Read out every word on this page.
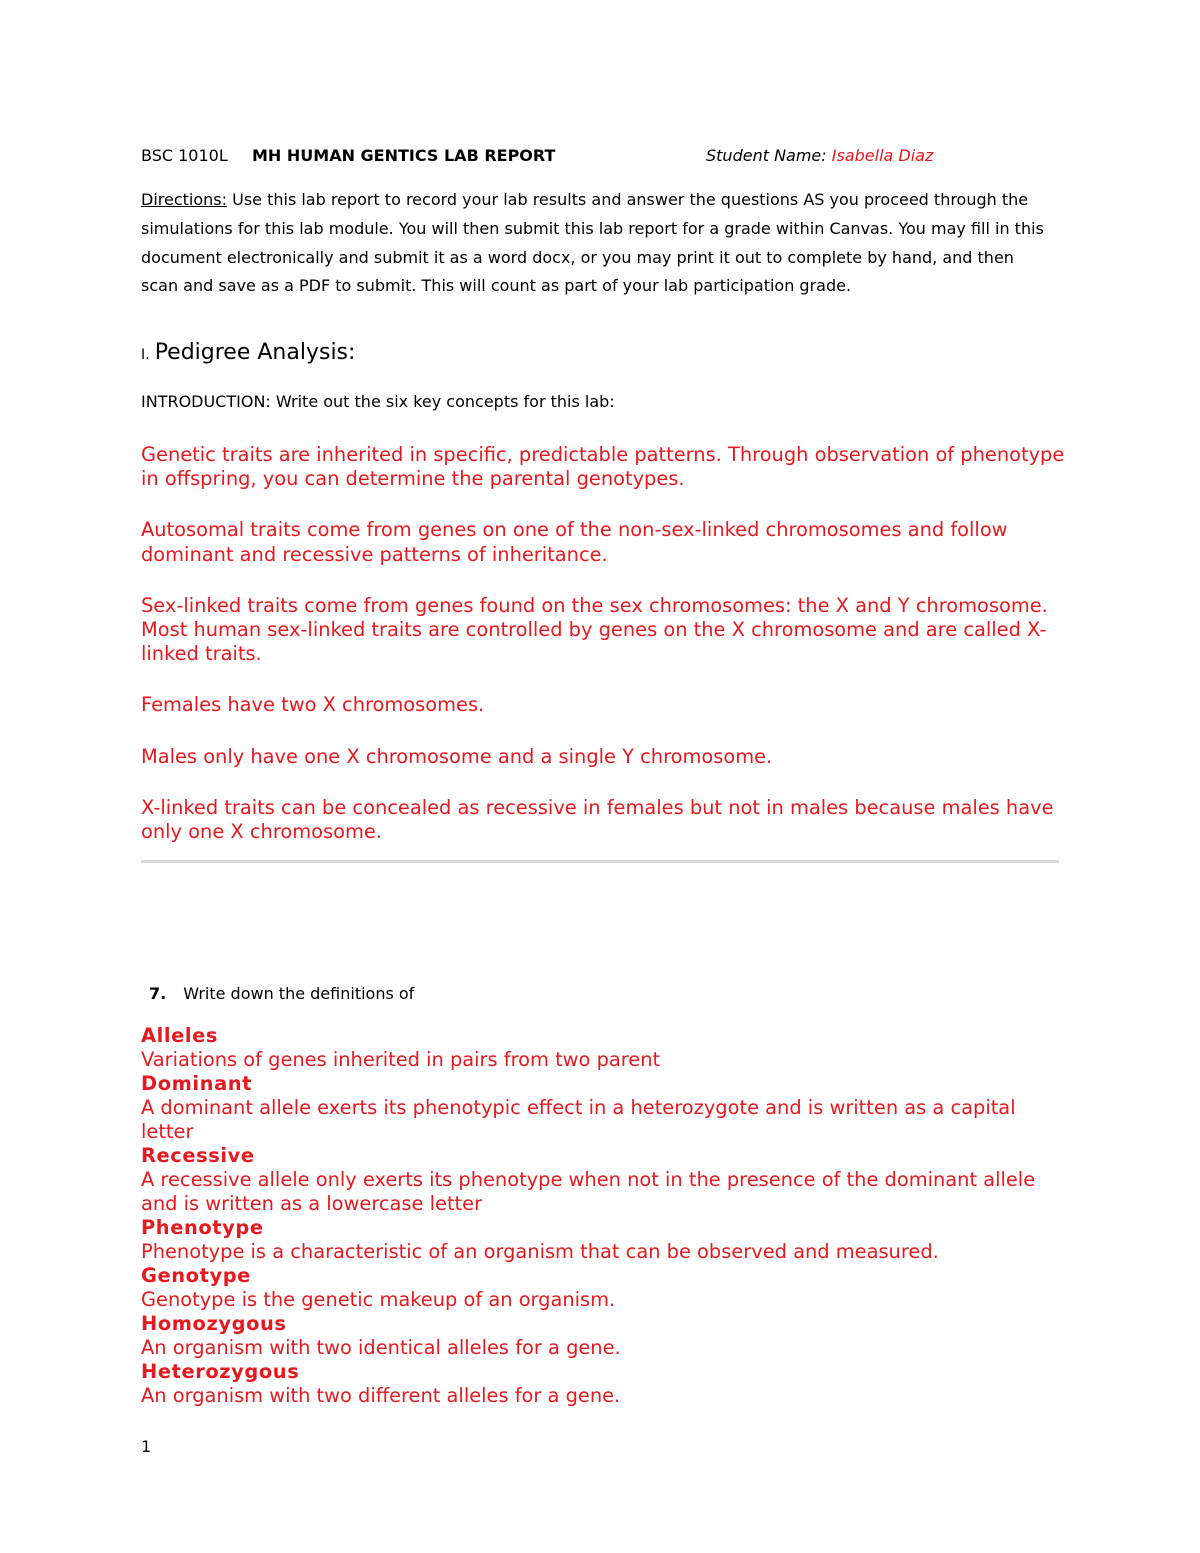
BSC 1010L MH HUMAN GENTICS LAB REPORT	Student Name: Isabella Diaz

Directions: Use this lab report to record your lab results and answer the questions AS you proceed through the simulations for this lab module. You will then submit this lab report for a grade within Canvas. You may fill in this document electronically and submit it as a word docx, or you may print it out to complete by hand, and then scan and save as a PDF to submit. This will count as part of your lab participation grade.

I. Pedigree Analysis:
INTRODUCTION: Write out the six key concepts for this lab:

Genetic traits are inherited in specific, predictable patterns. Through observation of phenotype in offspring, you can determine the parental genotypes.

Autosomal traits come from genes on one of the non-sex-linked chromosomes and follow dominant and recessive patterns of inheritance.

Sex-linked traits come from genes found on the sex chromosomes: the X and Y chromosome. Most human sex-linked traits are controlled by genes on the X chromosome and are called X-linked traits.

Females have two X chromosomes.

Males only have one X chromosome and a single Y chromosome.

X-linked traits can be concealed as recessive in females but not in males because males have only one X chromosome.

7. Write down the definitions of
Alleles
Variations of genes inherited in pairs from two parent
Dominant
A dominant allele exerts its phenotypic effect in a heterozygote and is written as a capital letter
Recessive
A recessive allele only exerts its phenotype when not in the presence of the dominant allele and is written as a lowercase letter
Phenotype
Phenotype is a characteristic of an organism that can be observed and measured.
Genotype
Genotype is the genetic makeup of an organism.
Homozygous
An organism with two identical alleles for a gene.
Heterozygous
An organism with two different alleles for a gene.
1
